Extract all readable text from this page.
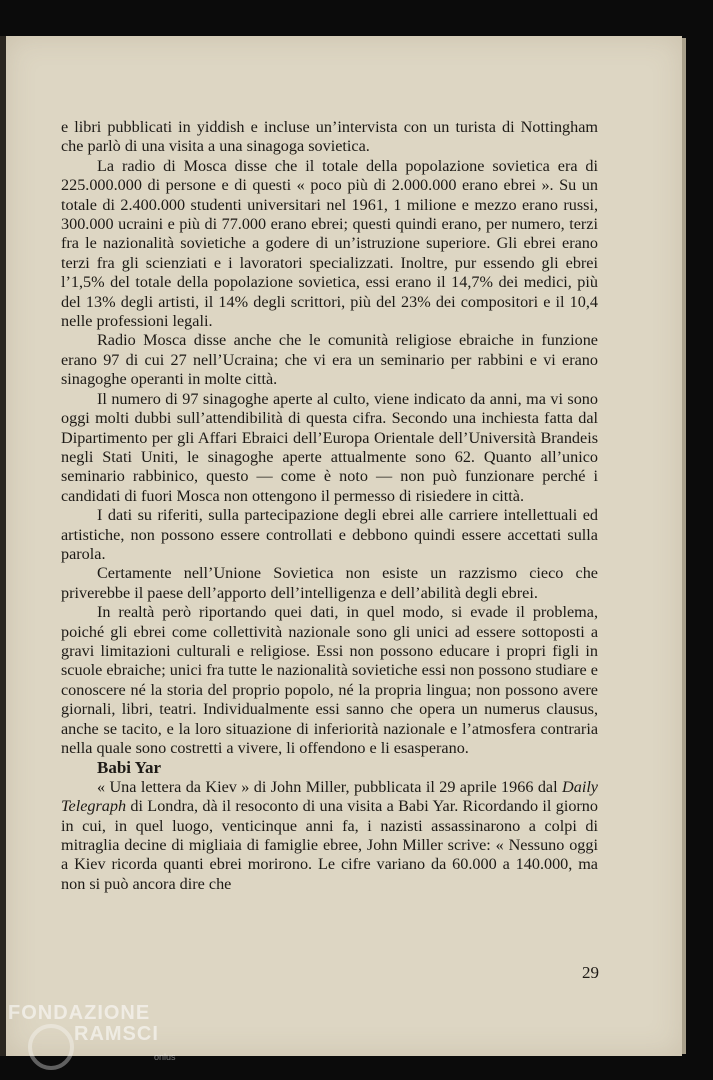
e libri pubblicati in yiddish e incluse un’intervista con un turista di Nottingham che parlò di una visita a una sinagoga sovietica.

La radio di Mosca disse che il totale della popolazione sovietica era di 225.000.000 di persone e di questi « poco più di 2.000.000 erano ebrei ». Su un totale di 2.400.000 studenti universitari nel 1961, 1 milione e mezzo erano russi, 300.000 ucraini e più di 77.000 erano ebrei; questi quindi erano, per numero, terzi fra le nazionalità sovietiche a godere di un’istruzione superiore. Gli ebrei erano terzi fra gli scienziati e i lavoratori specializzati. Inoltre, pur essendo gli ebrei l’1,5% del totale della popolazione sovietica, essi erano il 14,7% dei medici, più del 13% degli artisti, il 14% degli scrittori, più del 23% dei compositori e il 10,4 nelle professioni legali.

Radio Mosca disse anche che le comunità religiose ebraiche in funzione erano 97 di cui 27 nell’Ucraina; che vi era un seminario per rabbini e vi erano sinagoghe operanti in molte città.

Il numero di 97 sinagoghe aperte al culto, viene indicato da anni, ma vi sono oggi molti dubbi sull’attendibilità di questa cifra. Secondo una inchiesta fatta dal Dipartimento per gli Affari Ebraici dell’Europa Orientale dell’Università Brandeis negli Stati Uniti, le sinagoghe aperte attualmente sono 62. Quanto all’unico seminario rabbinico, questo — come è noto — non può funzionare perché i candidati di fuori Mosca non ottengono il permesso di risiedere in città.

I dati su riferiti, sulla partecipazione degli ebrei alle carriere intellettuali ed artistiche, non possono essere controllati e debbono quindi essere accettati sulla parola.

Certamente nell’Unione Sovietica non esiste un razzismo cieco che priverebbe il paese dell’apporto dell’intelligenza e dell’abilità degli ebrei.

In realtà però riportando quei dati, in quel modo, si evade il problema, poiché gli ebrei come collettività nazionale sono gli unici ad essere sottoposti a gravi limitazioni culturali e religiose. Essi non possono educare i propri figli in scuole ebraiche; unici fra tutte le nazionalità sovietiche essi non possono studiare e conoscere né la storia del proprio popolo, né la propria lingua; non possono avere giornali, libri, teatri. Individualmente essi sanno che opera un numerus clausus, anche se tacito, e la loro situazione di inferiorità nazionale e l’atmosfera contraria nella quale sono costretti a vivere, li offendono e li esasperano.

Babi Yar

« Una lettera da Kiev » di John Miller, pubblicata il 29 aprile 1966 dal Daily Telegraph di Londra, dà il resoconto di una visita a Babi Yar. Ricordando il giorno in cui, in quel luogo, venticinque anni fa, i nazisti assassinarono a colpi di mitraglia decine di migliaia di famiglie ebree, John Miller scrive: « Nessuno oggi a Kiev ricorda quanti ebrei morirono. Le cifre variano da 60.000 a 140.000, ma non si può ancora dire che

29
FONDAZIONE
RAMSCI
onlus
